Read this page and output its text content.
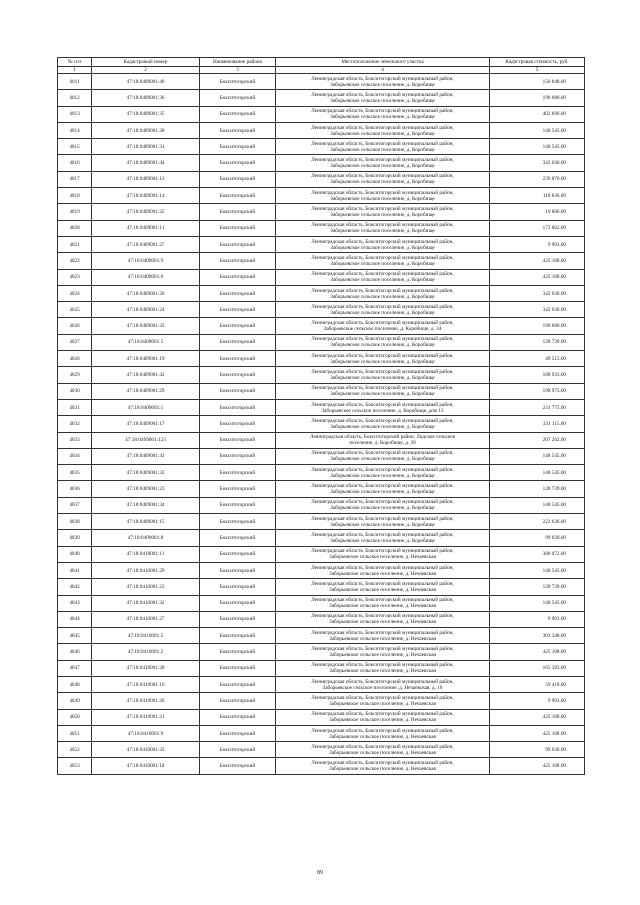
№ п/п	Кадастровый номер	Наименование района	Местоположение земельного участка	Кадастровая стоимость, руб.
1	2	3	4	5
4011	47:18:0409001:40	Бокситогорский	Ленинградская область, Бокситогорский муниципальный район,
Заборьевское сельское поселение, д. Коробище	156 848.00
4012	47:18:0409001:36	Бокситогорский	Ленинградская область, Бокситогорский муниципальный район,
Заборьевское сельское поселение, д. Коробище	190 680.00
4013	47:18:0409001:35	Бокситогорский	Ленинградская область, Бокситогорский муниципальный район,
Заборьевское сельское поселение, д. Коробище	402 696.00
4014	47:18:0409001:28	Бокситогорский	Ленинградская область, Бокситогорский муниципальный район,
Заборьевское сельское поселение, д. Коробище	148 545.00
4015	47:18:0409001:31	Бокситогорский	Ленинградская область, Бокситогорский муниципальный район,
Заборьевское сельское поселение, д. Коробище	148 545.00
4016	47:18:0409001:44	Бокситогорский	Ленинградская область, Бокситогорский муниципальный район,
Заборьевское сельское поселение, д. Коробище	342 030.00
4017	47:18:0409001:13	Бокситогорский	Ленинградская область, Бокситогорский муниципальный район,
Заборьевское сельское поселение, д. Коробище	239 876.00
4018	47:18:0409001:14	Бокситогорский	Ленинградская область, Бокситогорский муниципальный район,
Заборьевское сельское поселение, д. Коробище	118 836.00
4019	47:18:0409001:25	Бокситогорский	Ленинградская область, Бокситогорский муниципальный район,
Заборьевское сельское поселение, д. Коробище	19 806.00
4020	47:18:0409001:11	Бокситогорский	Ленинградская область, Бокситогорский муниципальный район,
Заборьевское сельское поселение, д. Коробище	173 862.00
4021	47:18:0409001:27	Бокситогорский	Ленинградская область, Бокситогорский муниципальный район,
Заборьевское сельское поселение, д. Коробище	9 903.00
4022	47:18:0409001:9	Бокситогорский	Ленинградская область, Бокситогорский муниципальный район,
Заборьевское сельское поселение, д. Коробище	425 108.00
4023	47:18:0409001:6	Бокситогорский	Ленинградская область, Бокситогорский муниципальный район,
Заборьевское сельское поселение, д. Коробище	425 108.00
4024	47:18:0409001:20	Бокситогорский	Ленинградская область, Бокситогорский муниципальный район,
Заборьевское сельское поселение, д. Коробище	342 030.00
4025	47:18:0409001:24	Бокситогорский	Ленинградская область, Бокситогорский муниципальный район,
Заборьевское сельское поселение, д. Коробище	342 030.00
4026	47:18:0409001:33	Бокситогорский	Ленинградская область, Бокситогорский муниципальный район,
Заборьевское сельское поселение, д. Коробище, д. 34	190 680.00
4027	47:18:0409001:5	Бокситогорский	Ленинградская область, Бокситогорский муниципальный район,
Заборьевское сельское поселение, д. Коробище	128 739.00
4028	47:18:0409001:19	Бокситогорский	Ленинградская область, Бокситогорский муниципальный район,
Заборьевское сельское поселение, д. Коробище	49 515.00
4029	47:18:0409001:42	Бокситогорский	Ленинградская область, Бокситогорский муниципальный район,
Заборьевское сельское поселение, д. Коробище	108 933.00
4030	47:18:0409001:29	Бокситогорский	Ленинградская область, Бокситогорский муниципальный район,
Заборьевское сельское поселение, д. Коробище	198 975.00
4031	47:18:0409001:1	Бокситогорский	Ленинградская область, Бокситогорский муниципальный район,
Заборьевское сельское поселение, д. Коробище, дом 13	231 775.00
4032	47:18:0409001:17	Бокситогорский	Ленинградская область, Бокситогорский муниципальный район,
Заборьевское сельское поселение, д. Коробище	331 115.00
4033	47:18:0409001:123	Бокситогорский	Ленинградская область, Бокситогорский район, Лидское сельское
поселение, д. Коробище, д. 30	207 262.00
4034	47:18:0409001:43	Бокситогорский	Ленинградская область, Бокситогорский муниципальный район,
Заборьевское сельское поселение, д. Коробище	148 545.00
4035	47:18:0409001:32	Бокситогорский	Ленинградская область, Бокситогорский муниципальный район,
Заборьевское сельское поселение, д. Коробище	148 545.00
4036	47:18:0409001:23	Бокситогорский	Ленинградская область, Бокситогорский муниципальный район,
Заборьевское сельское поселение, д. Коробище	128 739.00
4037	47:18:0409001:34	Бокситогорский	Ленинградская область, Бокситогорский муниципальный район,
Заборьевское сельское поселение, д. Коробище	148 545.00
4038	47:18:0409001:15	Бокситогорский	Ленинградская область, Бокситогорский муниципальный район,
Заборьевское сельское поселение, д. Коробище	223 636.00
4039	47:18:0409001:8	Бокситогорский	Ленинградская область, Бокситогорский муниципальный район,
Заборьевское сельское поселение, д. Коробище	99 030.00
4040	47:18:0410001:11	Бокситогорский	Ленинградская область, Бокситогорский муниципальный район,
Заборьевское сельское поселение, д. Нечаевская	380 072.00
4041	47:18:0410001:29	Бокситогорский	Ленинградская область, Бокситогорский муниципальный район,
Заборьевское сельское поселение, д. Нечаевская	148 545.00
4042	47:18:0410001:23	Бокситогорский	Ленинградская область, Бокситогорский муниципальный район,
Заборьевское сельское поселение, д. Нечаевская	128 739.00
4043	47:18:0410001:32	Бокситогорский	Ленинградская область, Бокситогорский муниципальный район,
Заборьевское сельское поселение, д. Нечаевская	148 545.00
4044	47:18:0410001:27	Бокситогорский	Ленинградская область, Бокситогорский муниципальный район,
Заборьевское сельское поселение, д. Нечаевская	9 903.00
4045	47:18:0410001:5	Бокситогорский	Ленинградская область, Бокситогорский муниципальный район,
Заборьевское сельское поселение, д. Нечаевская	303 348.00
4046	47:18:0410001:2	Бокситогорский	Ленинградская область, Бокситогорский муниципальный район,
Заборьевское сельское поселение, д. Нечаевская	425 108.00
4047	47:18:0410001:28	Бокситогорский	Ленинградская область, Бокситогорский муниципальный район,
Заборьевское сельское поселение, д. Нечаевская	165 393.00
4048	47:18:0410001:16	Бокситогорский	Ленинградская область, Бокситогорский муниципальный район,
Заборьевское сельское поселение, д. Нечаевская, д. 10	59 418.00
4049	47:18:0410001:26	Бокситогорский	Ленинградская область, Бокситогорский муниципальный район,
Заборьевское сельское поселение, д. Нечаевская	9 903.00
4050	47:18:0410001:21	Бокситогорский	Ленинградская область, Бокситогорский муниципальный район,
Заборьевское сельское поселение, д. Нечаевская	425 108.00
4051	47:18:0410001:9	Бокситогорский	Ленинградская область, Бокситогорский муниципальный район,
Заборьевское сельское поселение, д. Нечаевская	425 108.00
4052	47:18:0410001:33	Бокситогорский	Ленинградская область, Бокситогорский муниципальный район,
Заборьевское сельское поселение, д. Нечаевская	99 030.00
4053	47:18:0410001:18	Бокситогорский	Ленинградская область, Бокситогорский муниципальный район,
Заборьевское сельское поселение, д. Нечаевская	425 108.00
89
